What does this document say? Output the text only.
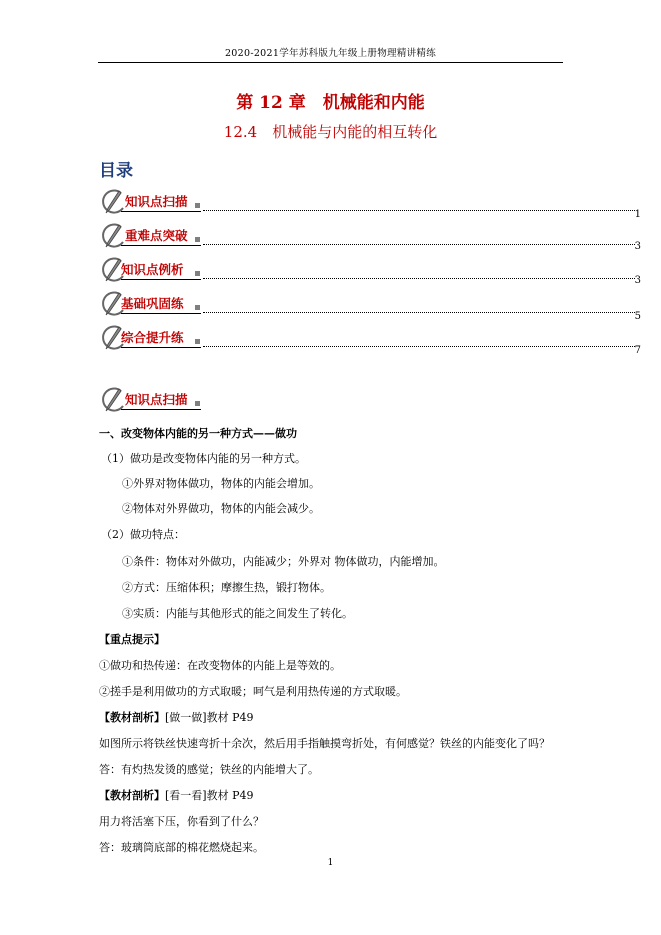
2020-2021学年苏科版九年级上册物理精讲精练
第 12 章　机械能和内能
12.4　机械能与内能的相互转化
目录
知识点扫描
1
重难点突破
3
知识点例析
3
基础巩固练
5
综合提升练
7
知识点扫描
一、改变物体内能的另一种方式——做功
（1）做功是改变物体内能的另一种方式。
①外界对物体做功，物体的内能会增加。
②物体对外界做功，物体的内能会减少。
（2）做功特点：
①条件：物体对外做功，内能减少；外界对 物体做功，内能增加。
②方式：压缩体积；摩擦生热，锻打物体。
③实质：内能与其他形式的能之间发生了转化。
【重点提示】
①做功和热传递：在改变物体的内能上是等效的。
②搓手是利用做功的方式取暖；呵气是利用热传递的方式取暖。
【教材剖析】[做一做]教材 P49
如图所示将铁丝快速弯折十余次，然后用手指触摸弯折处，有何感觉？铁丝的内能变化了吗？
答：有灼热发烫的感觉；铁丝的内能增大了。
【教材剖析】[看一看]教材 P49
用力将活塞下压，你看到了什么？
答：玻璃筒底部的棉花燃烧起来。
1
